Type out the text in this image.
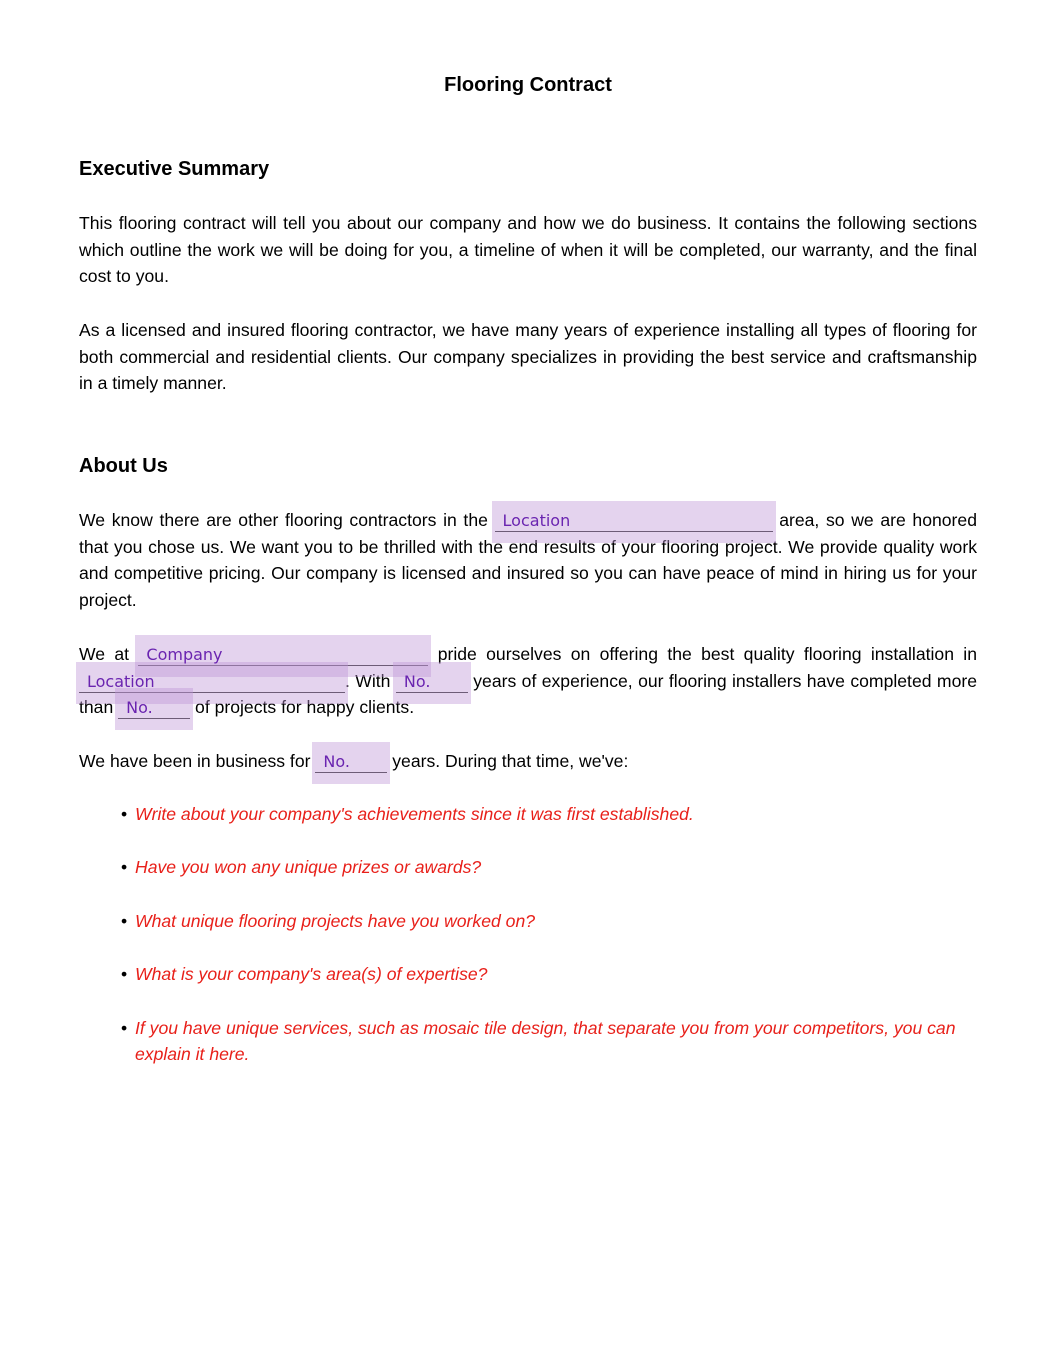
Flooring Contract
Executive Summary

This flooring contract will tell you about our company and how we do business. It contains the following sections which outline the work we will be doing for you, a timeline of when it will be completed, our warranty, and the final cost to you.

As a licensed and insured flooring contractor, we have many years of experience installing all types of flooring for both commercial and residential clients. Our company specializes in providing the best service and craftsmanship in a timely manner.

About Us

We know there are other flooring contractors in the
Location	area, so we are honored that you chose us. We want you to be thrilled with the end results of your flooring project. We provide quality work and competitive pricing. Our company is licensed and insured so you can have peace of mind in hiring us for your project.

We at
Company	pride ourselves on offering the best quality flooring installation in
Location	. With
No. years of experience, our flooring installers have completed more than
No. of projects for happy clients.

We have been in business for
No. years. During that time, we've:

• Write about your company's achievements since it was first established.
• Have you won any unique prizes or awards?
• What unique flooring projects have you worked on?
• What is your company's area(s) of expertise?
• If you have unique services, such as mosaic tile design, that separate you from your competitors, you can explain it here.
